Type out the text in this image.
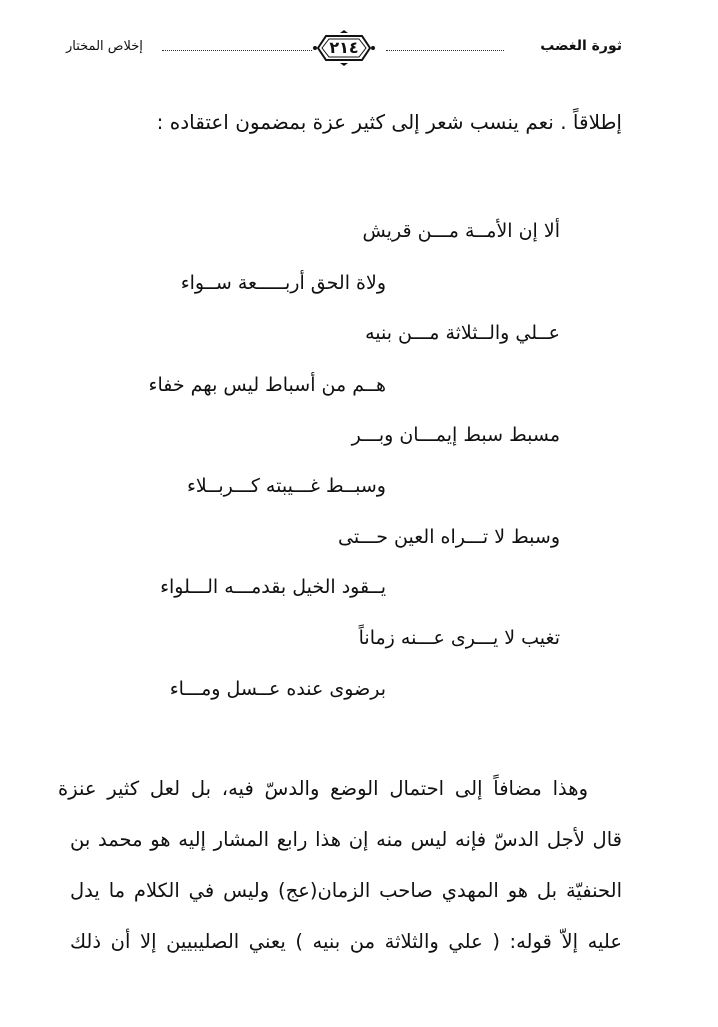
ثورة الغضب
٢١٤
إخلاص المختار
إطلاقاً . نعم ينسب شعر إلى كثير عزة بمضمون اعتقاده :
ألا إن الأمــة مـــن قريش
ولاة الحق أربـــــعة ســواء
عــلي والــثلاثة مـــن بنيه
هــم من أسباط ليس بهم خفاء
مسبط سبط إيمـــان وبـــر
وسبــط غـــيبته كـــربــلاء
وسبط لا تـــراه العين حـــتى
يــقود الخيل بقدمـــه الـــلواء
تغيب لا يـــرى عـــنه زماناً
برضوى عنده عــسل ومـــاء
وهذا مضافاً إلى احتمال الوضع والدسّ فيه، بل لعل كثير عنزة
قال لأجل الدسّ فإنه ليس منه إن هذا رابع المشار إليه هو محمد بن
الحنفيّة بل هو المهدي صاحب الزمان(عج) وليس في الكلام ما يدل
عليه إلاّ قوله: ( علي والثلاثة من بنيه ) يعني الصليبيين إلا أن ذلك
